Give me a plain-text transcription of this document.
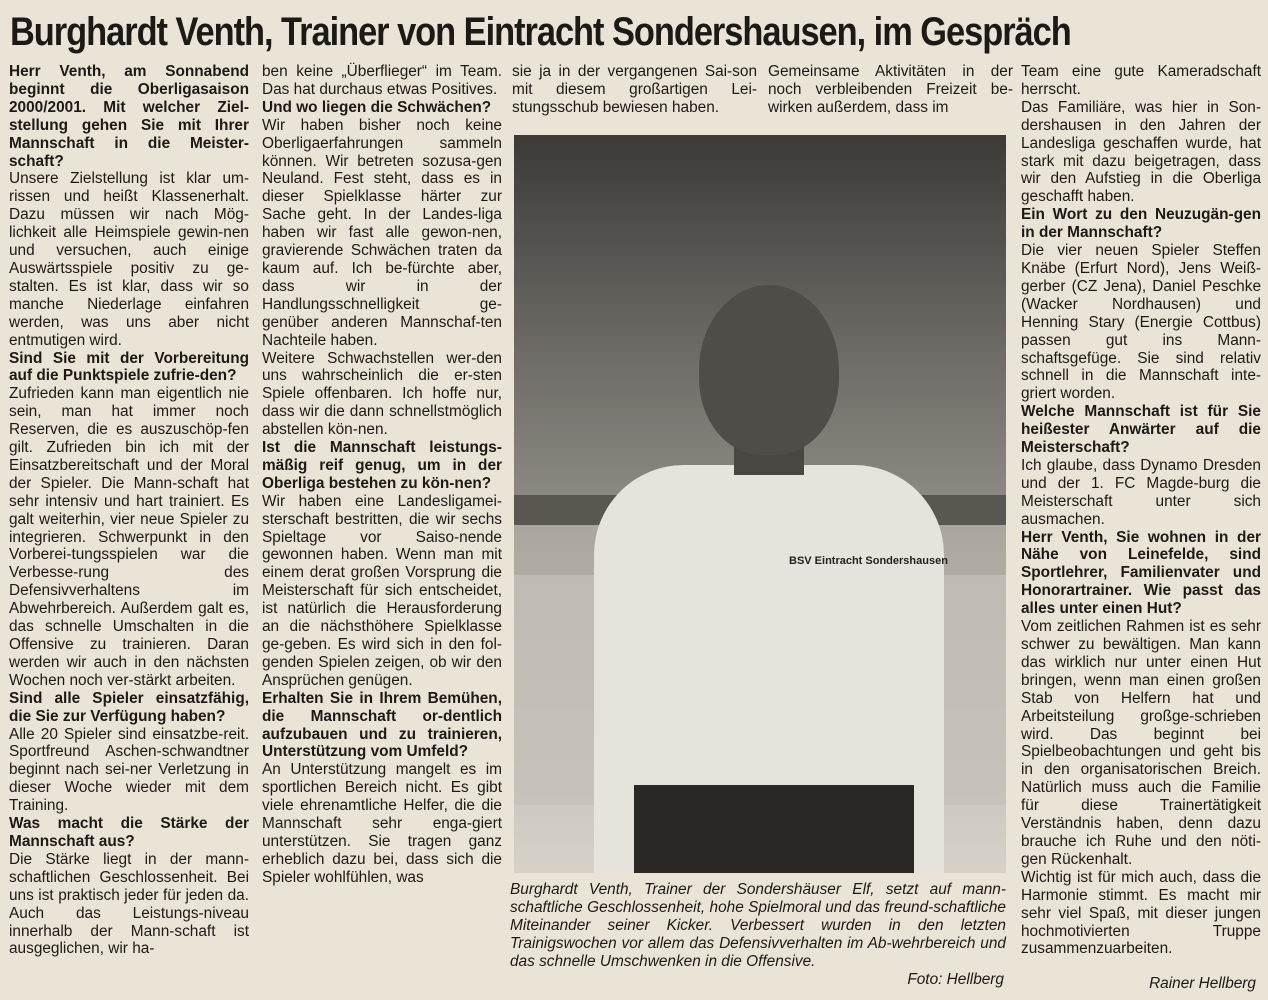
Burghardt Venth, Trainer von Eintracht Sondershausen, im Gespräch

Herr Venth, am Sonnabend beginnt die Oberligasaison 2000/2001. Mit welcher Ziel-stellung gehen Sie mit Ihrer Mannschaft in die Meister-schaft?

Unsere Zielstellung ist klar um-rissen und heißt Klassenerhalt. Dazu müssen wir nach Mög-lichkeit alle Heimspiele gewin-nen und versuchen, auch einige Auswärtsspiele positiv zu ge-stalten. Es ist klar, dass wir so manche Niederlage einfahren werden, was uns aber nicht entmutigen wird.

Sind Sie mit der Vorbereitung auf die Punktspiele zufrie-den?

Zufrieden kann man eigentlich nie sein, man hat immer noch Reserven, die es auszuschöp-fen gilt. Zufrieden bin ich mit der Einsatzbereitschaft und der Moral der Spieler. Die Mann-schaft hat sehr intensiv und hart trainiert. Es galt weiterhin, vier neue Spieler zu integrieren. Schwerpunkt in den Vorberei-tungsspielen war die Verbesse-rung des Defensivverhaltens im Abwehrbereich. Außerdem galt es, das schnelle Umschalten in die Offensive zu trainieren. Daran werden wir auch in den nächsten Wochen noch ver-stärkt arbeiten.

Sind alle Spieler einsatzfähig, die Sie zur Verfügung haben?

Alle 20 Spieler sind einsatzbe-reit. Sportfreund Aschen-schwandtner beginnt nach sei-ner Verletzung in dieser Woche wieder mit dem Training.

Was macht die Stärke der Mannschaft aus?

Die Stärke liegt in der mann-schaftlichen Geschlossenheit. Bei uns ist praktisch jeder für jeden da. Auch das Leistungs-niveau innerhalb der Mann-schaft ist ausgeglichen, wir ha-

ben keine „Überflieger“ im Team. Das hat durchaus etwas Positives.

Und wo liegen die Schwächen?

Wir haben bisher noch keine Oberligaerfahrungen sammeln können. Wir betreten sozusa-gen Neuland. Fest steht, dass es in dieser Spielklasse härter zur Sache geht. In der Landes-liga haben wir fast alle gewon-nen, gravierende Schwächen traten da kaum auf. Ich be-fürchte aber, dass wir in der Handlungsschnelligkeit ge-genüber anderen Mannschaf-ten Nachteile haben.

Weitere Schwachstellen wer-den uns wahrscheinlich die er-sten Spiele offenbaren. Ich hoffe nur, dass wir die dann schnellstmöglich abstellen kön-nen.

Ist die Mannschaft leistungs-mäßig reif genug, um in der Oberliga bestehen zu kön-nen?

Wir haben eine Landesligamei-sterschaft bestritten, die wir sechs Spieltage vor Saiso-nende gewonnen haben. Wenn man mit einem derat großen Vorsprung die Meisterschaft für sich entscheidet, ist natürlich die Herausforderung an die nächsthöhere Spielklasse ge-geben. Es wird sich in den fol-genden Spielen zeigen, ob wir den Ansprüchen genügen.

Erhalten Sie in Ihrem Bemühen, die Mannschaft or-dentlich aufzubauen und zu trainieren, Unterstützung vom Umfeld?

An Unterstützung mangelt es im sportlichen Bereich nicht. Es gibt viele ehrenamtliche Helfer, die die Mannschaft sehr enga-giert unterstützen. Sie tragen ganz erheblich dazu bei, dass sich die Spieler wohlfühlen, was

sie ja in der vergangenen Sai-son mit diesem großartigen Lei-stungsschub bewiesen haben.
Gemeinsame Aktivitäten in der noch verbleibenden Freizeit be-wirken außerdem, dass im

Team eine gute Kameradschaft herrscht.

Das Familiäre, was hier in Son-dershausen in den Jahren der Landesliga geschaffen wurde, hat stark mit dazu beigetragen, dass wir den Aufstieg in die Oberliga geschafft haben.

Ein Wort zu den Neuzugän-gen in der Mannschaft?

Die vier neuen Spieler Steffen Knäbe (Erfurt Nord), Jens Weiß-gerber (CZ Jena), Daniel Peschke (Wacker Nordhausen) und Henning Stary (Energie Cottbus) passen gut ins Mann-schaftsgefüge. Sie sind relativ schnell in die Mannschaft inte-griert worden.

Welche Mannschaft ist für Sie heißester Anwärter auf die Meisterschaft?

Ich glaube, dass Dynamo Dresden und der 1. FC Magde-burg die Meisterschaft unter sich ausmachen.

Herr Venth, Sie wohnen in der Nähe von Leinefelde, sind Sportlehrer, Familienvater und Honorartrainer. Wie passt das alles unter einen Hut?

Vom zeitlichen Rahmen ist es sehr schwer zu bewältigen. Man kann das wirklich nur unter einen Hut bringen, wenn man einen großen Stab von Helfern hat und Arbeitsteilung großge-schrieben wird. Das beginnt bei Spielbeobachtungen und geht bis in den organisatorischen Breich. Natürlich muss auch die Familie für diese Trainertätigkeit Verständnis haben, denn dazu brauche ich Ruhe und den nöti-gen Rückenhalt.

Wichtig ist für mich auch, dass die Harmonie stimmt. Es macht mir sehr viel Spaß, mit dieser jungen hochmotivierten Truppe zusammenzuarbeiten.

BSV Eintracht Sondershausen
Burghardt Venth, Trainer der Sondershäuser Elf, setzt auf mann-schaftliche Geschlossenheit, hohe Spielmoral und das freund-schaftliche Miteinander seiner Kicker. Verbessert wurden in den letzten Trainigswochen vor allem das Defensivverhalten im Ab-wehrbereich und das schnelle Umschwenken in die Offensive.
Foto: Hellberg	Rainer Hellberg
